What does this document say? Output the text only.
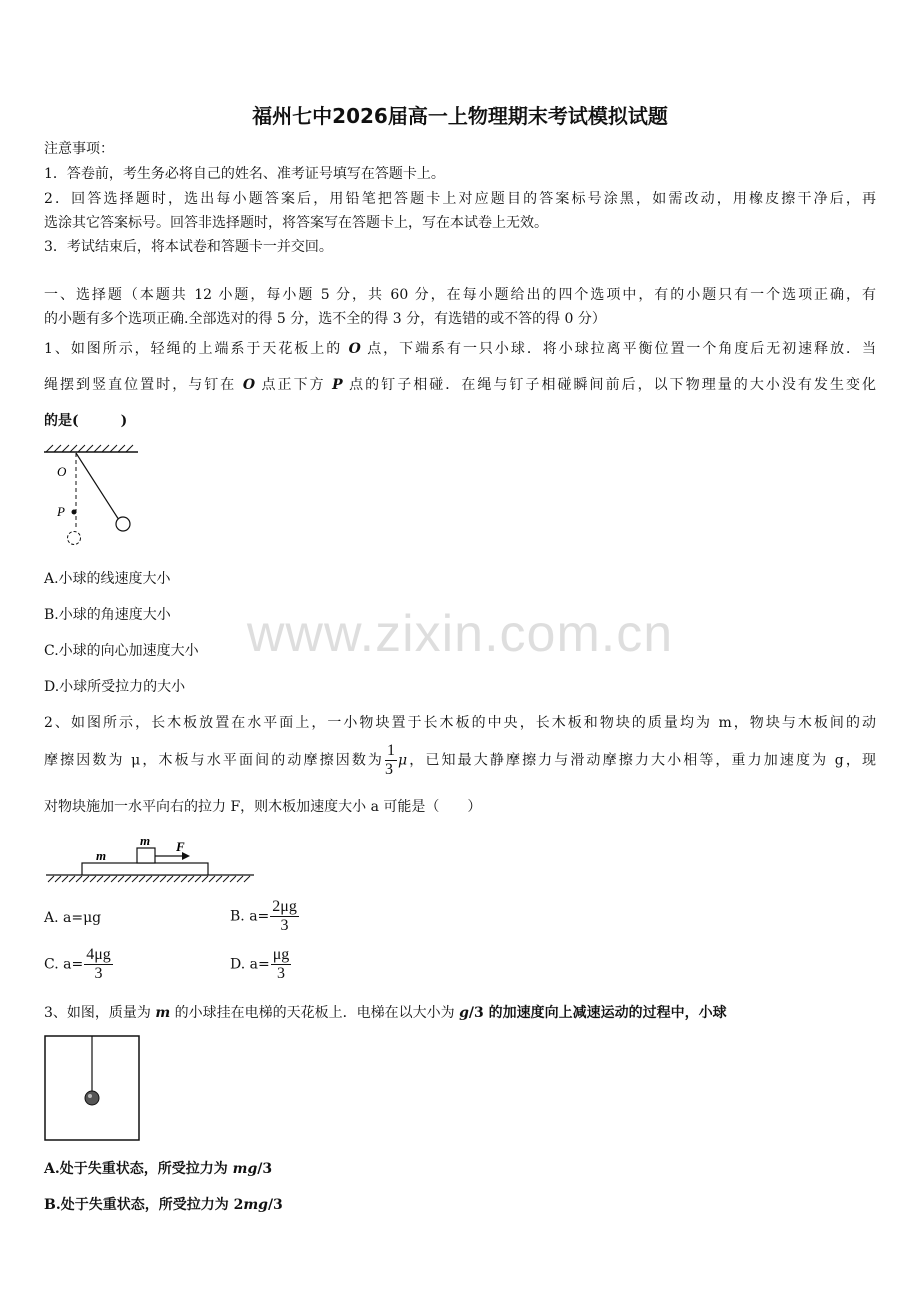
福州七中2026届高一上物理期末考试模拟试题
注意事项：
1．答卷前，考生务必将自己的姓名、准考证号填写在答题卡上。
2．回答选择题时，选出每小题答案后，用铅笔把答题卡上对应题目的答案标号涂黑，如需改动，用橡皮擦干净后，再
选涂其它答案标号。回答非选择题时，将答案写在答题卡上，写在本试卷上无效。
3．考试结束后，将本试卷和答题卡一并交回。
一、选择题（本题共 12 小题，每小题 5 分，共 60 分，在每小题给出的四个选项中，有的小题只有一个选项正确，有
的小题有多个选项正确.全部选对的得 5 分，选不全的得 3 分，有选错的或不答的得 0 分）
1、如图所示，轻绳的上端系于天花板上的 O 点，下端系有一只小球．将小球拉离平衡位置一个角度后无初速释放．当
绳摆到竖直位置时，与钉在 O 点正下方 P 点的钉子相碰．在绳与钉子相碰瞬间前后，以下物理量的大小没有发生变化
的是(　　　)
O
P
A.小球的线速度大小
B.小球的角速度大小
C.小球的向心加速度大小
D.小球所受拉力的大小
2、如图所示，长木板放置在水平面上，一小物块置于长木板的中央，长木板和物块的质量均为 m，物块与木板间的动
摩擦因数为 μ，木板与水平面间的动摩擦因数为 $\frac{1}{3}$ μ，已知最大静摩擦力与滑动摩擦力大小相等，重力加速度为 g，现
对物块施加一水平向右的拉力 F，则木板加速度大小 a 可能是（　　）
m
m F
A. a=μg	B. $a= \frac{2\mu g}{3}$
C. $a= \frac{4\mu g}{3}$	D. $a= \frac{\mu g}{3}$
3、如图，质量为 m 的小球挂在电梯的天花板上．电梯在以大小为 g/3 的加速度向上减速运动的过程中，小球
A.处于失重状态，所受拉力为 mg/3
B.处于失重状态，所受拉力为 2mg/3
www.zixin.com.cn
